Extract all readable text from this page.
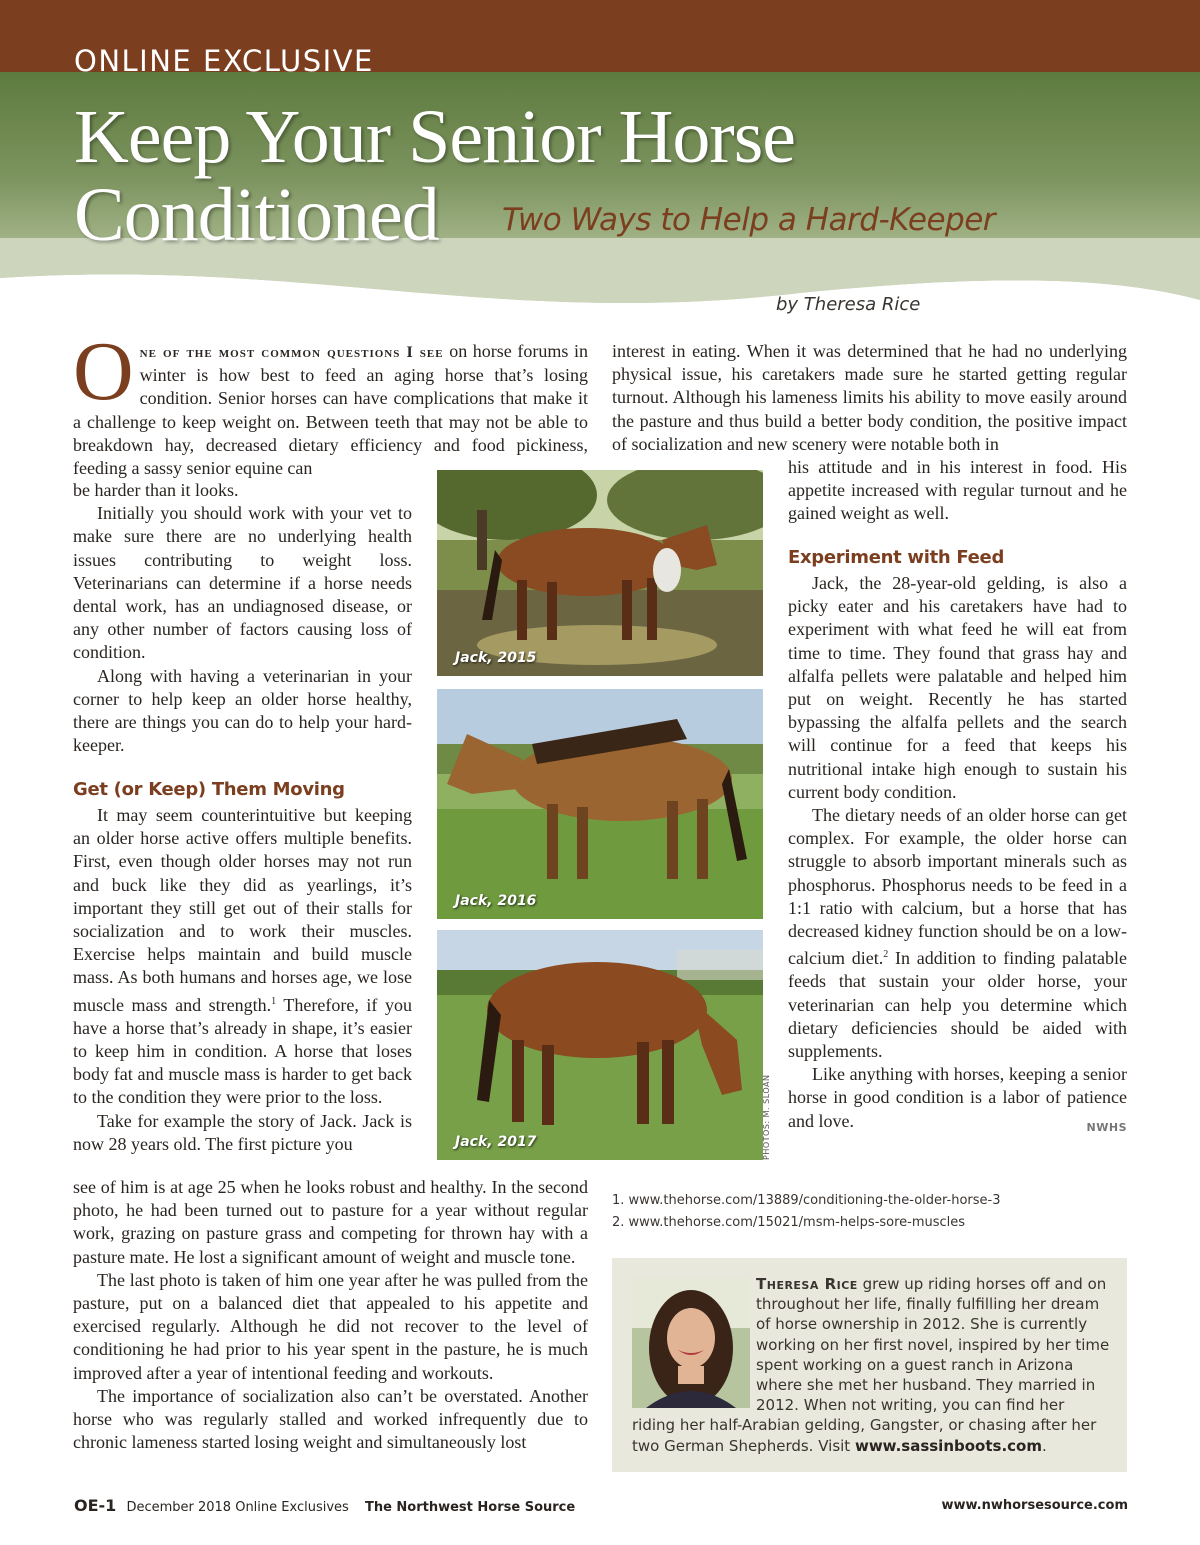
ONLINE EXCLUSIVE
Keep Your Senior Horse Conditioned	Two Ways to Help a Hard-Keeper
by Theresa Rice

One of the most common questions I see on horse forums in winter is how best to feed an aging horse that’s losing condition. Senior horses can have complications that make it a challenge to keep weight on. Between teeth that may not be able to breakdown hay, decreased dietary efficiency and food pickiness, feeding a sassy senior equine can

be harder than it looks.

Initially you should work with your vet to make sure there are no underlying health issues contributing to weight loss. Veterinarians can determine if a horse needs dental work, has an undiagnosed disease, or any other number of factors causing loss of condition.

Along with having a veterinarian in your corner to help keep an older horse healthy, there are things you can do to help your hard-keeper.

Get (or Keep) Them Moving

It may seem counterintuitive but keeping an older horse active offers multiple benefits. First, even though older horses may not run and buck like they did as yearlings, it’s important they still get out of their stalls for socialization and to work their muscles. Exercise helps maintain and build muscle mass. As both humans and horses age, we lose muscle mass and strength.$^1$ Therefore, if you have a horse that’s already in shape, it’s easier to keep him in condition. A horse that loses body fat and muscle mass is harder to get back to the condition they were prior to the loss.

Take for example the story of Jack. Jack is now 28 years old. The first picture you

see of him is at age 25 when he looks robust and healthy. In the second photo, he had been turned out to pasture for a year without regular work, grazing on pasture grass and competing for thrown hay with a pasture mate. He lost a significant amount of weight and muscle tone.

The last photo is taken of him one year after he was pulled from the pasture, put on a balanced diet that appealed to his appetite and exercised regularly. Although he did not recover to the level of conditioning he had prior to his year spent in the pasture, he is much improved after a year of intentional feeding and workouts.

The importance of socialization also can’t be overstated. Another horse who was regularly stalled and worked infrequently due to chronic lameness started losing weight and simultaneously lost

interest in eating. When it was determined that he had no underlying physical issue, his caretakers made sure he started getting regular turnout. Although his lameness limits his ability to move easily around the pasture and thus build a better body condition, the positive impact of socialization and new scenery were notable both in

his attitude and in his interest in food. His appetite increased with regular turnout and he gained weight as well.

Experiment with Feed

Jack, the 28-year-old gelding, is also a picky eater and his caretakers have had to experiment with what feed he will eat from time to time. They found that grass hay and alfalfa pellets were palatable and helped him put on weight. Recently he has started bypassing the alfalfa pellets and the search will continue for a feed that keeps his nutritional intake high enough to sustain his current body condition.

The dietary needs of an older horse can get complex. For example, the older horse can struggle to absorb important minerals such as phosphorus. Phosphorus needs to be feed in a 1:1 ratio with calcium, but a horse that has decreased kidney function should be on a low-calcium diet.$^2$ In addition to finding palatable feeds that sustain your older horse, your veterinarian can help you determine which dietary deficiencies should be aided with supplements.

Like anything with horses, keeping a senior horse in good condition is a labor of patience and love.	NWHS

Jack, 2015
Jack, 2016
Jack, 2017	PHOTOS: M. SLOAN
1. www.thehorse.com/13889/conditioning-the-older-horse-3
2. www.thehorse.com/15021/msm-helps-sore-muscles
Theresa Rice grew up riding horses off and on throughout her life, finally fulfilling her dream of horse ownership in 2012. She is currently working on her first novel, inspired by her time spent working on a guest ranch in Arizona where she met her husband. They married in 2012. When not writing, you can find her riding her half-Arabian gelding, Gangster, or chasing after her two German Shepherds. Visit www.sassinboots.com.
OE-1 December 2018 Online Exclusives The Northwest Horse Source	www.nwhorsesource.com
